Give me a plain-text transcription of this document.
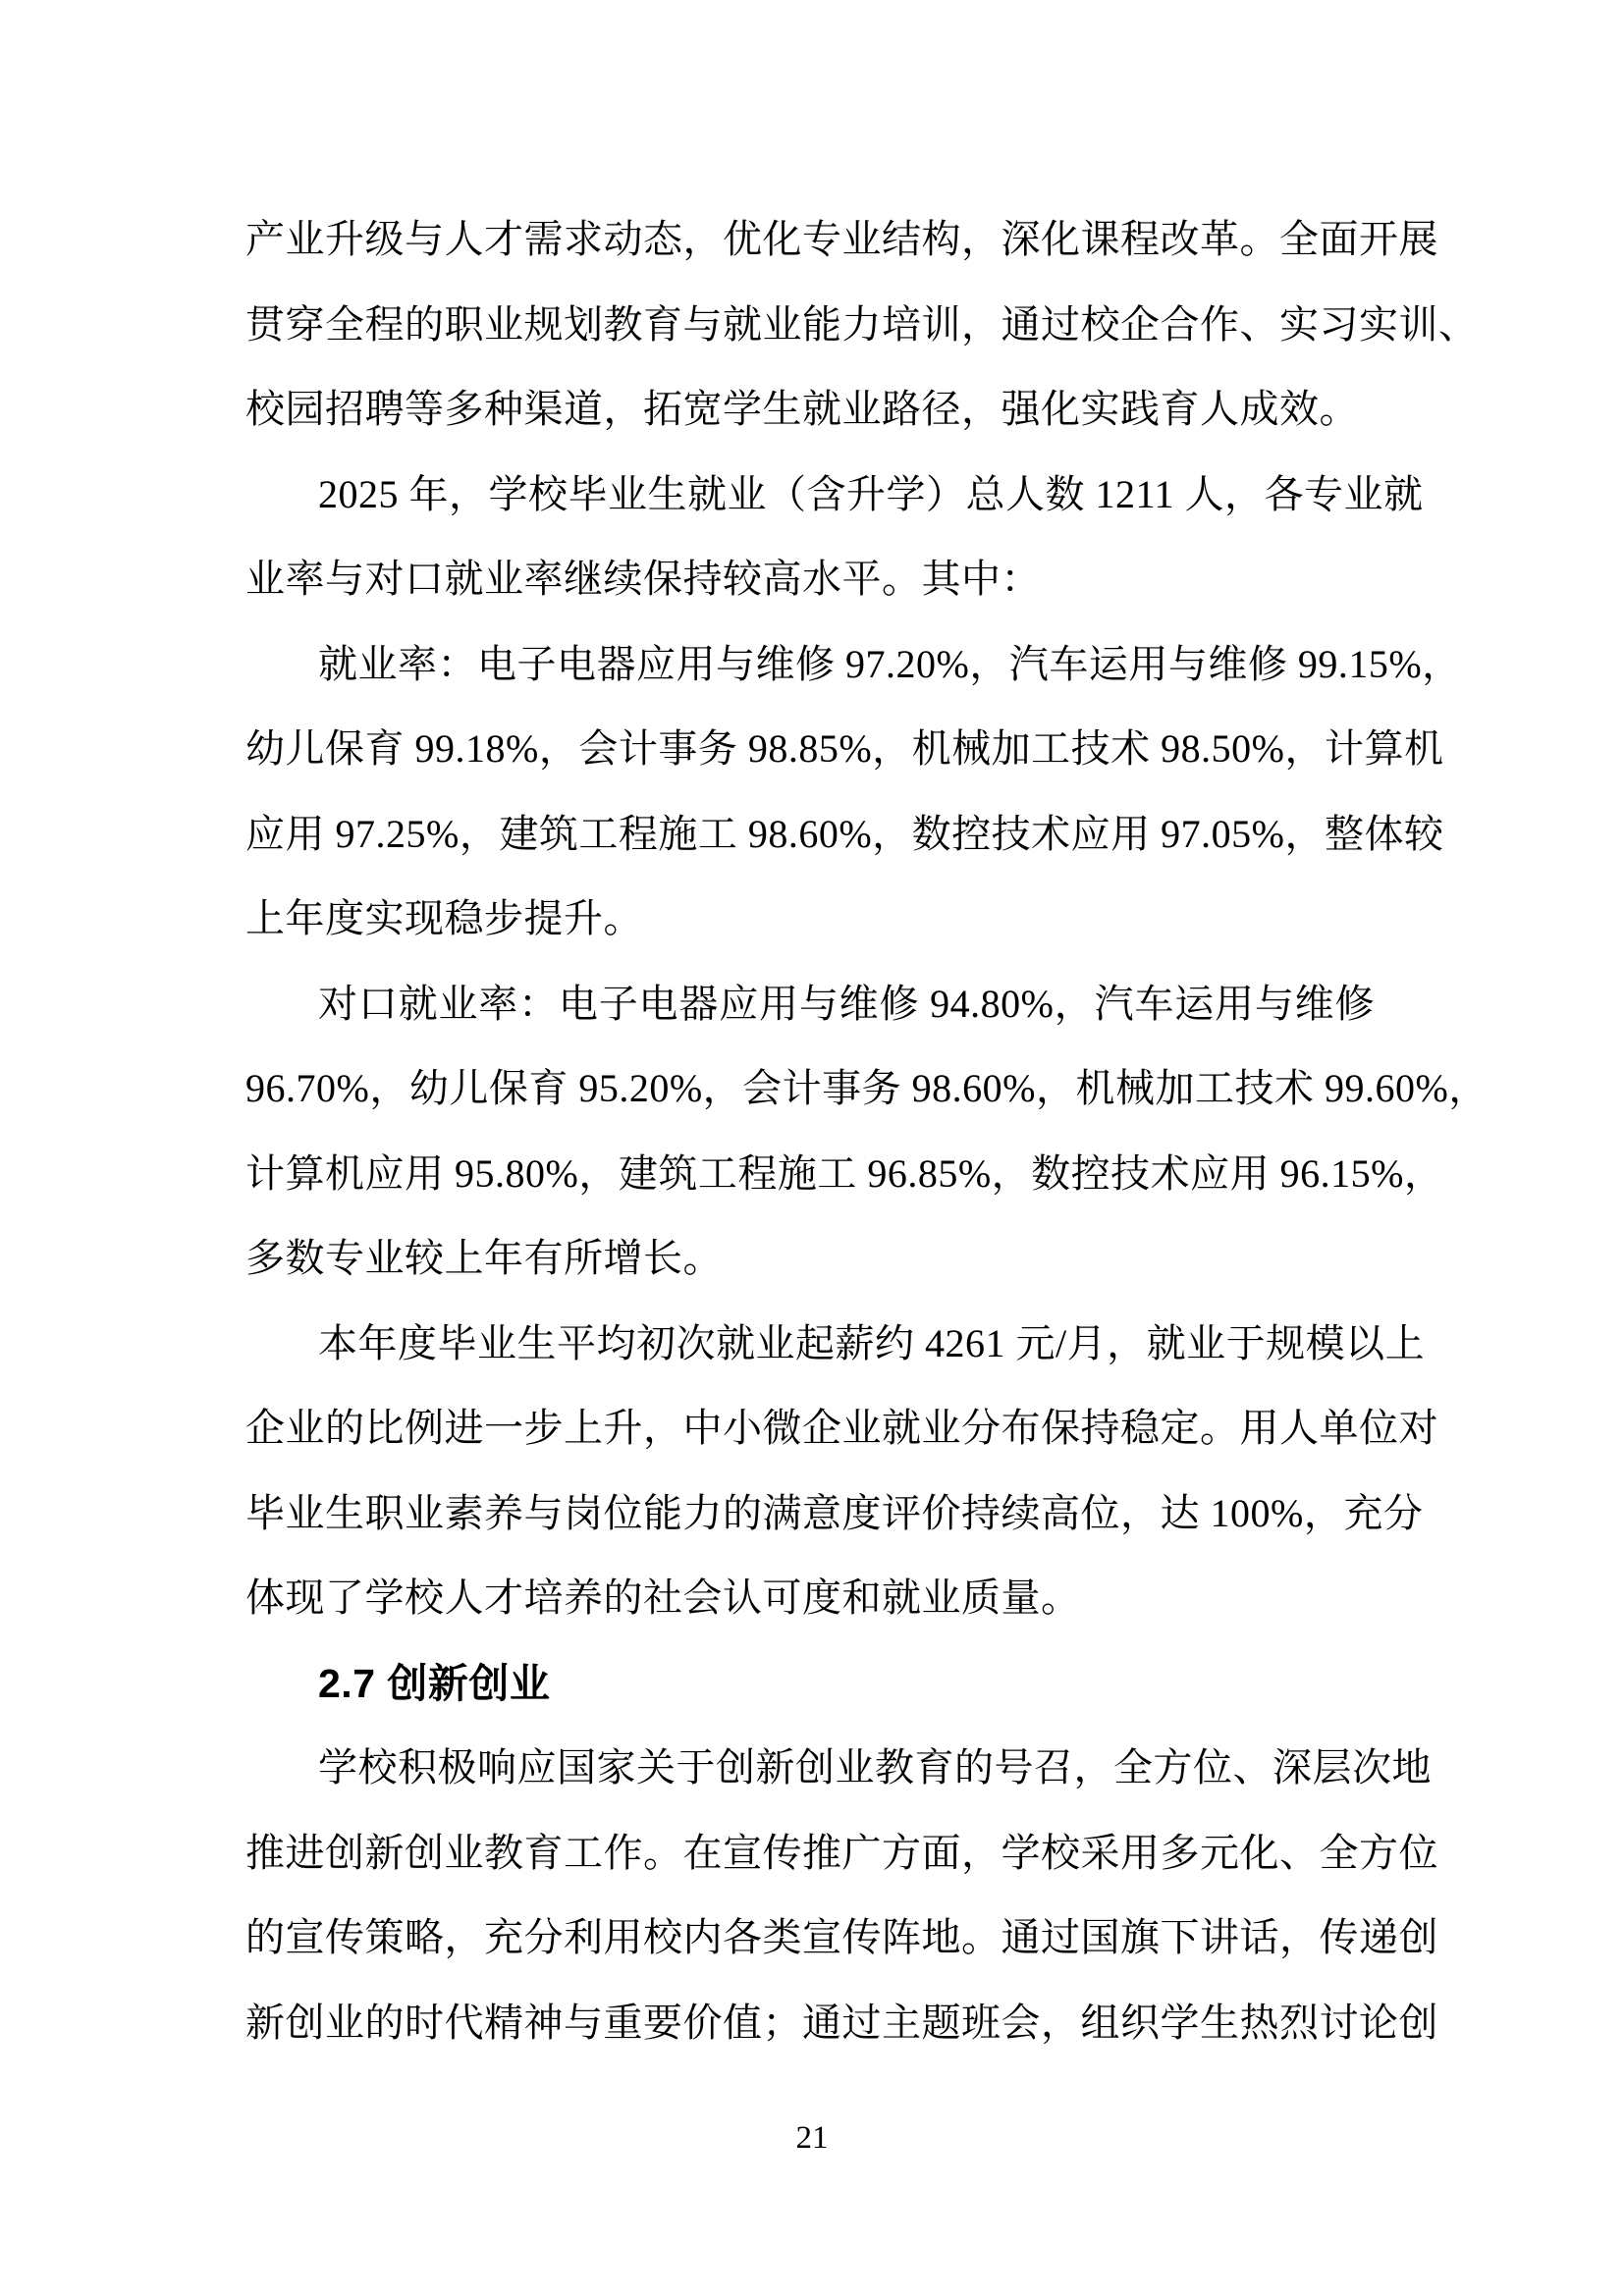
产业升级与人才需求动态，优化专业结构，深化课程改革。全面开展
贯穿全程的职业规划教育与就业能力培训，通过校企合作、实习实训、
校园招聘等多种渠道，拓宽学生就业路径，强化实践育人成效。
2025 年，学校毕业生就业（含升学）总人数 1211 人，各专业就
业率与对口就业率继续保持较高水平。其中：
就业率：电子电器应用与维修 97.20%，汽车运用与维修 99.15%，
幼儿保育 99.18%，会计事务 98.85%，机械加工技术 98.50%，计算机
应用 97.25%，建筑工程施工 98.60%，数控技术应用 97.05%，整体较
上年度实现稳步提升。
对口就业率：电子电器应用与维修 94.80%，汽车运用与维修
96.70%，幼儿保育 95.20%，会计事务 98.60%，机械加工技术 99.60%，
计算机应用 95.80%，建筑工程施工 96.85%，数控技术应用 96.15%，
多数专业较上年有所增长。
本年度毕业生平均初次就业起薪约 4261 元/月，就业于规模以上
企业的比例进一步上升，中小微企业就业分布保持稳定。用人单位对
毕业生职业素养与岗位能力的满意度评价持续高位，达 100%，充分
体现了学校人才培养的社会认可度和就业质量。
2.7 创新创业
学校积极响应国家关于创新创业教育的号召，全方位、深层次地
推进创新创业教育工作。在宣传推广方面，学校采用多元化、全方位
的宣传策略，充分利用校内各类宣传阵地。通过国旗下讲话，传递创
新创业的时代精神与重要价值；通过主题班会，组织学生热烈讨论创
21
